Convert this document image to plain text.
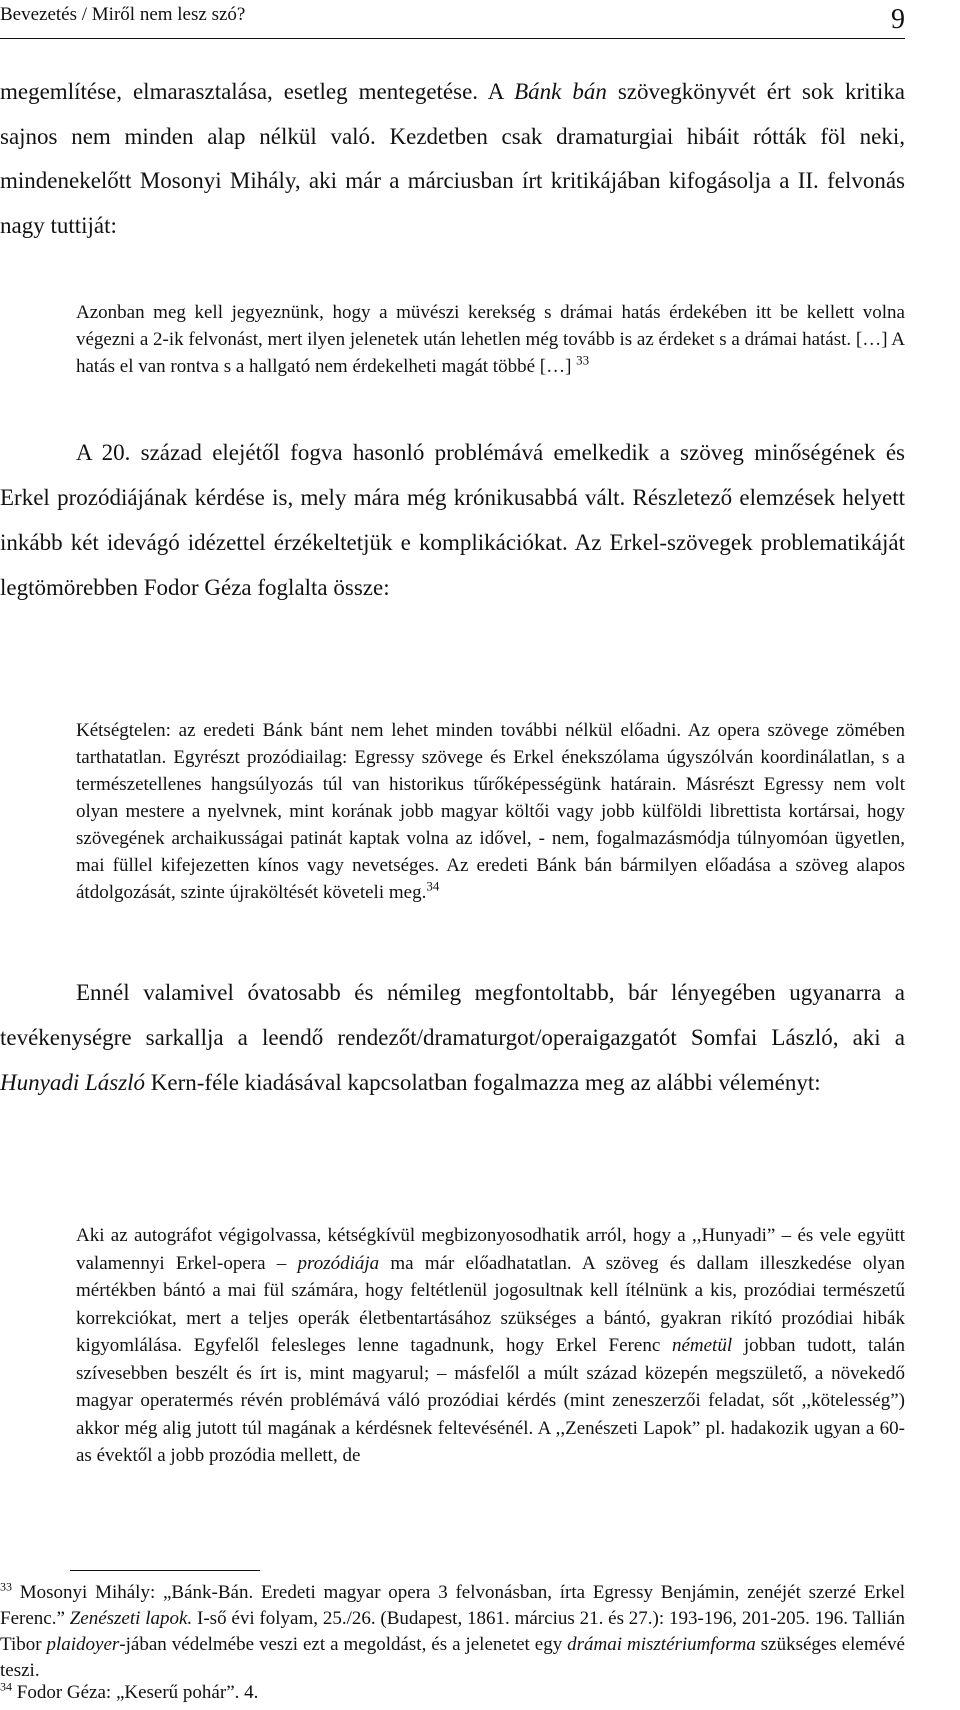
Bevezetés / Miről nem lesz szó?	9
megemlítése, elmarasztalása, esetleg mentegetése. A Bánk bán szövegkönyvét ért sok kritika sajnos nem minden alap nélkül való. Kezdetben csak dramaturgiai hibáit rótták föl neki, mindenekelőtt Mosonyi Mihály, aki már a márciusban írt kritikájában kifogásolja a II. felvonás nagy tuttiját:
Azonban meg kell jegyeznünk, hogy a müvészi kerekség s drámai hatás érdekében itt be kellett volna végezni a 2-ik felvonást, mert ilyen jelenetek után lehetlen még tovább is az érdeket s a drámai hatást. […] A hatás el van rontva s a hallgató nem érdekelheti magát többé […] $^{33}$
A 20. század elejétől fogva hasonló problémává emelkedik a szöveg minőségének és Erkel prozódiájának kérdése is, mely mára még krónikusabbá vált. Részletező elemzések helyett inkább két idevágó idézettel érzékeltetjük e komplikációkat. Az Erkel-szövegek problematikáját legtömörebben Fodor Géza foglalta össze:
Kétségtelen: az eredeti Bánk bánt nem lehet minden további nélkül előadni. Az opera szövege zömében tarthatatlan. Egyrészt prozódiailag: Egressy szövege és Erkel énekszólama úgyszólván koordinálatlan, s a természetellenes hangsúlyozás túl van historikus tűrőképességünk határain. Másrészt Egressy nem volt olyan mestere a nyelvnek, mint korának jobb magyar költői vagy jobb külföldi librettista kortársai, hogy szövegének archaikusságai patinát kaptak volna az idővel, - nem, fogalmazásmódja túlnyomóan ügyetlen, mai füllel kifejezetten kínos vagy nevetséges. Az eredeti Bánk bán bármilyen előadása a szöveg alapos átdolgozását, szinte újraköltését követeli meg.$^{34}$
Ennél valamivel óvatosabb és némileg megfontoltabb, bár lényegében ugyanarra a tevékenységre sarkallja a leendő rendezőt/dramaturgot/operaigazgatót Somfai László, aki a Hunyadi László Kern-féle kiadásával kapcsolatban fogalmazza meg az alábbi véleményt:
Aki az autográfot végigolvassa, kétségkívül megbizonyosodhatik arról, hogy a ,,Hunyadi” – és vele együtt valamennyi Erkel-opera – prozódiája ma már előadhatatlan. A szöveg és dallam illeszkedése olyan mértékben bántó a mai fül számára, hogy feltétlenül jogosultnak kell ítélnünk a kis, prozódiai természetű korrekciókat, mert a teljes operák életbentartásához szükséges a bántó, gyakran rikító prozódiai hibák kigyomlálása. Egyfelől felesleges lenne tagadnunk, hogy Erkel Ferenc németül jobban tudott, talán szívesebben beszélt és írt is, mint magyarul; – másfelől a múlt század közepén megszülető, a növekedő magyar operatermés révén problémává váló prozódiai kérdés (mint zeneszerzői feladat, sőt ,,kötelesség”) akkor még alig jutott túl magának a kérdésnek feltevésénél. A ,,Zenészeti Lapok” pl. hadakozik ugyan a 60-as évektől a jobb prozódia mellett, de
$^{33}$ Mosonyi Mihály: „Bánk-Bán. Eredeti magyar opera 3 felvonásban, írta Egressy Benjámin, zenéjét szerzé Erkel Ferenc.” Zenészeti lapok. I-ső évi folyam, 25./26. (Budapest, 1861. március 21. és 27.): 193-196, 201-205. 196. Tallián Tibor plaidoyer-jában védelmébe veszi ezt a megoldást, és a jelenetet egy drámai misztériumforma szükséges elemévé teszi.
$^{34}$ Fodor Géza: „Keserű pohár”. 4.
